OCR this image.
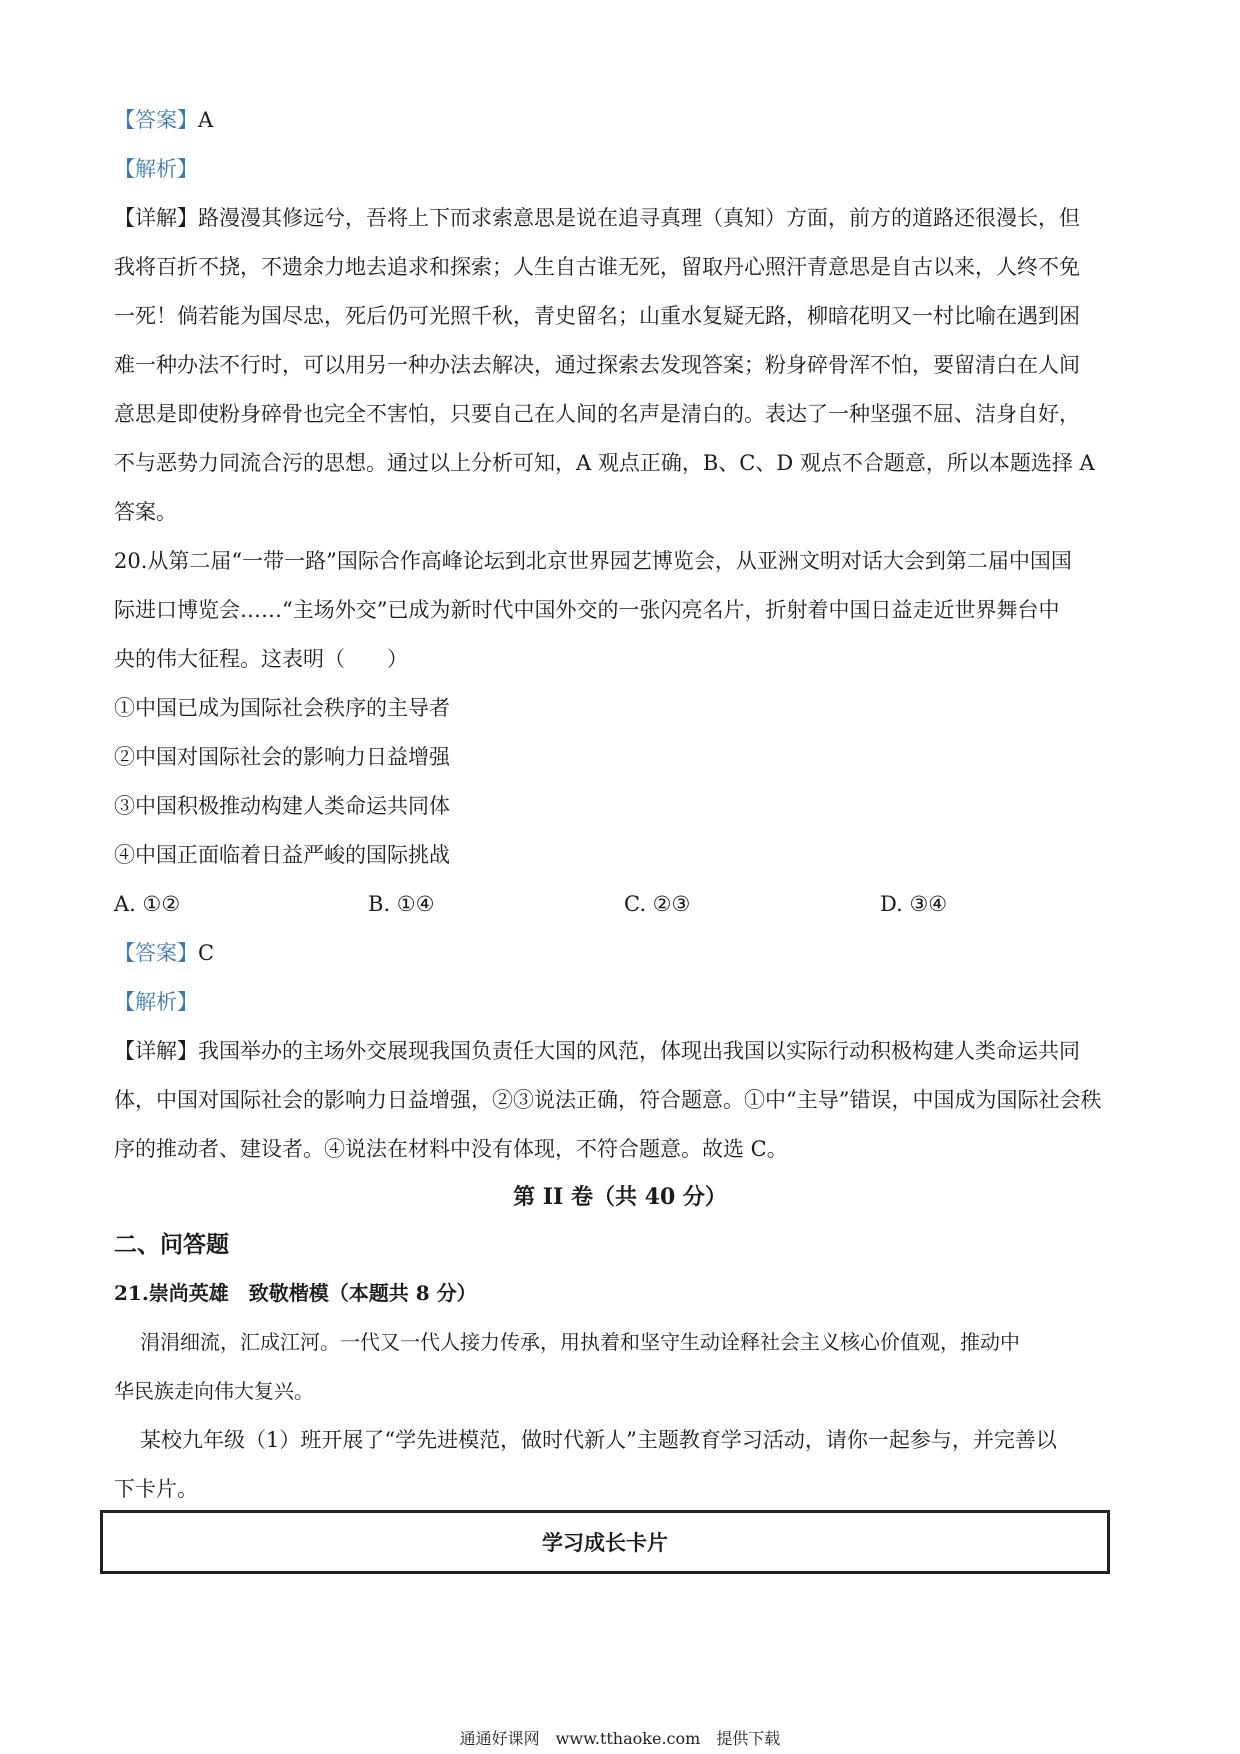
【答案】A
【解析】
【详解】路漫漫其修远兮，吾将上下而求索意思是说在追寻真理（真知）方面，前方的道路还很漫长，但
我将百折不挠，不遗余力地去追求和探索；人生自古谁无死，留取丹心照汗青意思是自古以来，人终不免
一死！倘若能为国尽忠，死后仍可光照千秋，青史留名；山重水复疑无路，柳暗花明又一村比喻在遇到困
难一种办法不行时，可以用另一种办法去解决，通过探索去发现答案；粉身碎骨浑不怕，要留清白在人间
意思是即使粉身碎骨也完全不害怕，只要自己在人间的名声是清白的。表达了一种坚强不屈、洁身自好，
不与恶势力同流合污的思想。通过以上分析可知，A 观点正确，B、C、D 观点不合题意，所以本题选择 A
答案。
20.从第二届“一带一路”国际合作高峰论坛到北京世界园艺博览会，从亚洲文明对话大会到第二届中国国
际进口博览会……“主场外交”已成为新时代中国外交的一张闪亮名片，折射着中国日益走近世界舞台中
央的伟大征程。这表明（　　）
①中国已成为国际社会秩序的主导者
②中国对国际社会的影响力日益增强
③中国积极推动构建人类命运共同体
④中国正面临着日益严峻的国际挑战
A. ①②	B. ①④	C. ②③	D. ③④
【答案】C
【解析】
【详解】我国举办的主场外交展现我国负责任大国的风范，体现出我国以实际行动积极构建人类命运共同
体，中国对国际社会的影响力日益增强，②③说法正确，符合题意。①中“主导”错误，中国成为国际社会秩
序的推动者、建设者。④说法在材料中没有体现，不符合题意。故选 C。
第 II 卷（共 40 分）
二、问答题
21.崇尚英雄　致敬楷模（本题共 8 分）
涓涓细流，汇成江河。一代又一代人接力传承，用执着和坚守生动诠释社会主义核心价值观，推动中
华民族走向伟大复兴。
某校九年级（1）班开展了“学先进模范，做时代新人”主题教育学习活动，请你一起参与，并完善以
下卡片。
学习成长卡片
通通好课网　www.tthaoke.com　提供下载
